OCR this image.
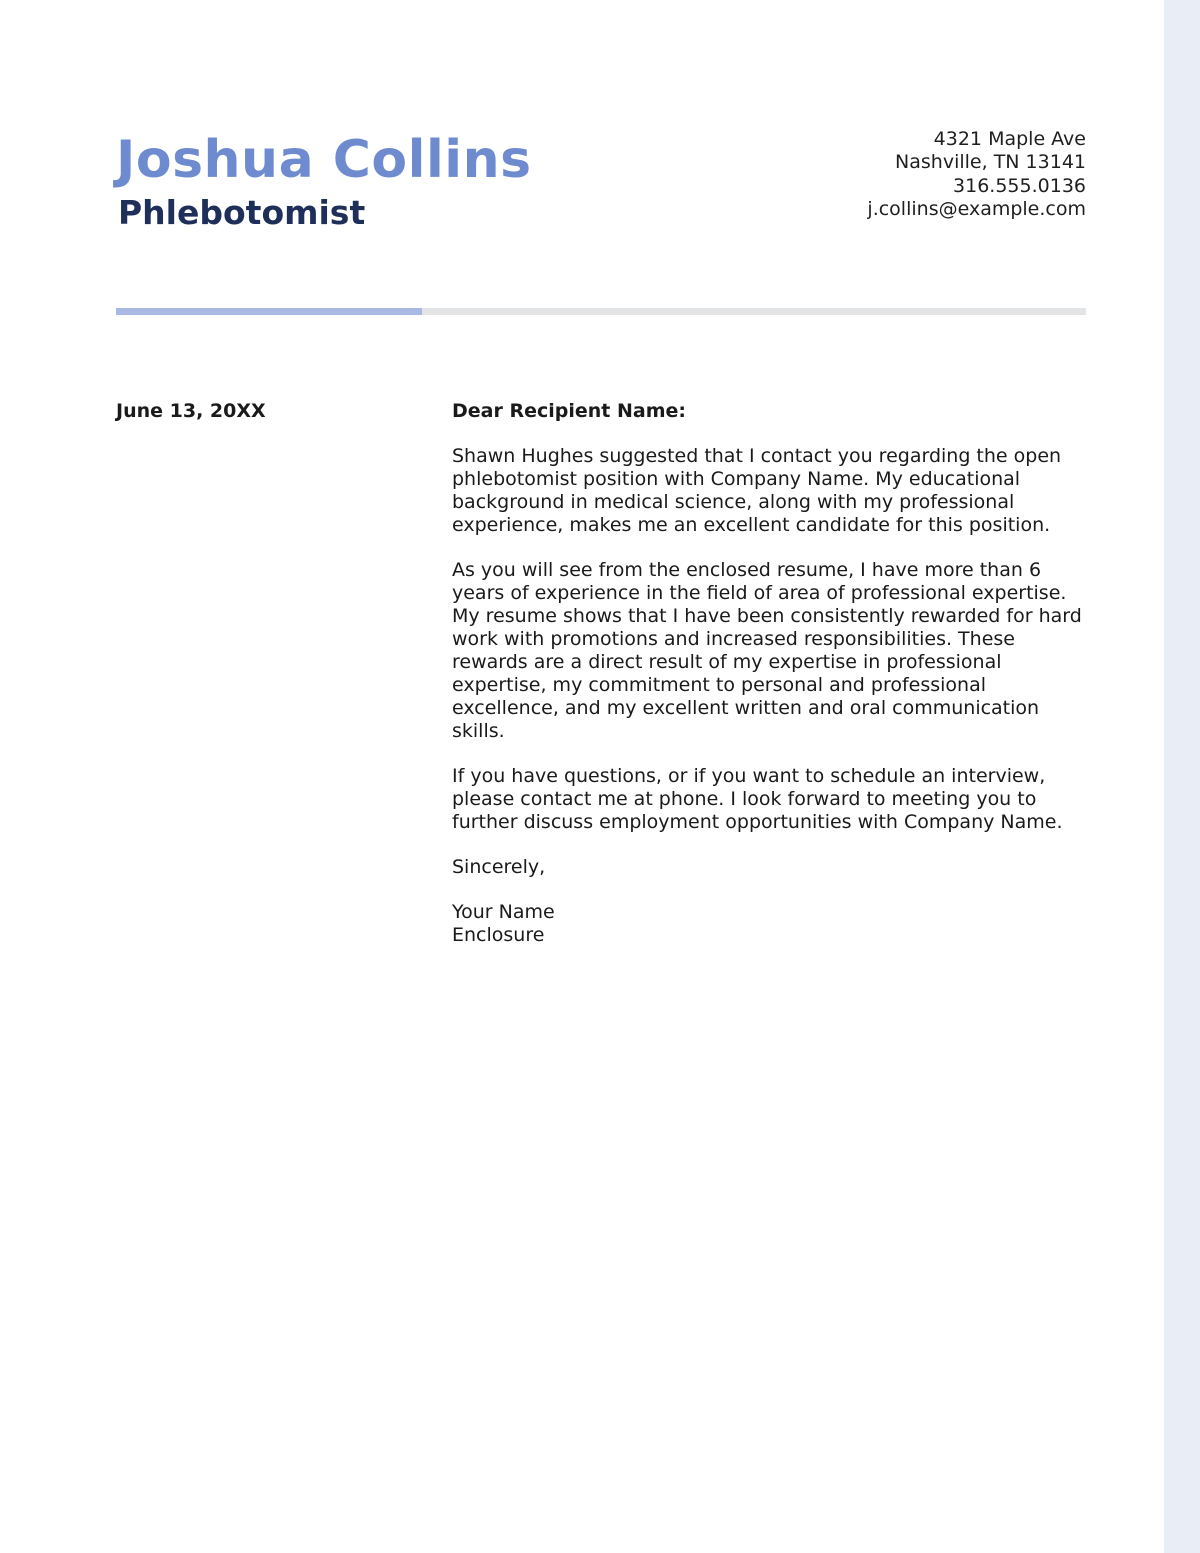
Joshua Collins
Phlebotomist
4321 Maple Ave
Nashville, TN 13141
316.555.0136
j.collins@example.com
June 13, 20XX	Dear Recipient Name:

Shawn Hughes suggested that I contact you regarding the open phlebotomist position with Company Name. My educational background in medical science, along with my professional experience, makes me an excellent candidate for this position.

As you will see from the enclosed resume, I have more than 6 years of experience in the field of area of professional expertise. My resume shows that I have been consistently rewarded for hard work with promotions and increased responsibilities. These rewards are a direct result of my expertise in professional expertise, my commitment to personal and professional excellence, and my excellent written and oral communication skills.

If you have questions, or if you want to schedule an interview, please contact me at phone. I look forward to meeting you to further discuss employment opportunities with Company Name.

Sincerely,

Your Name
Enclosure
